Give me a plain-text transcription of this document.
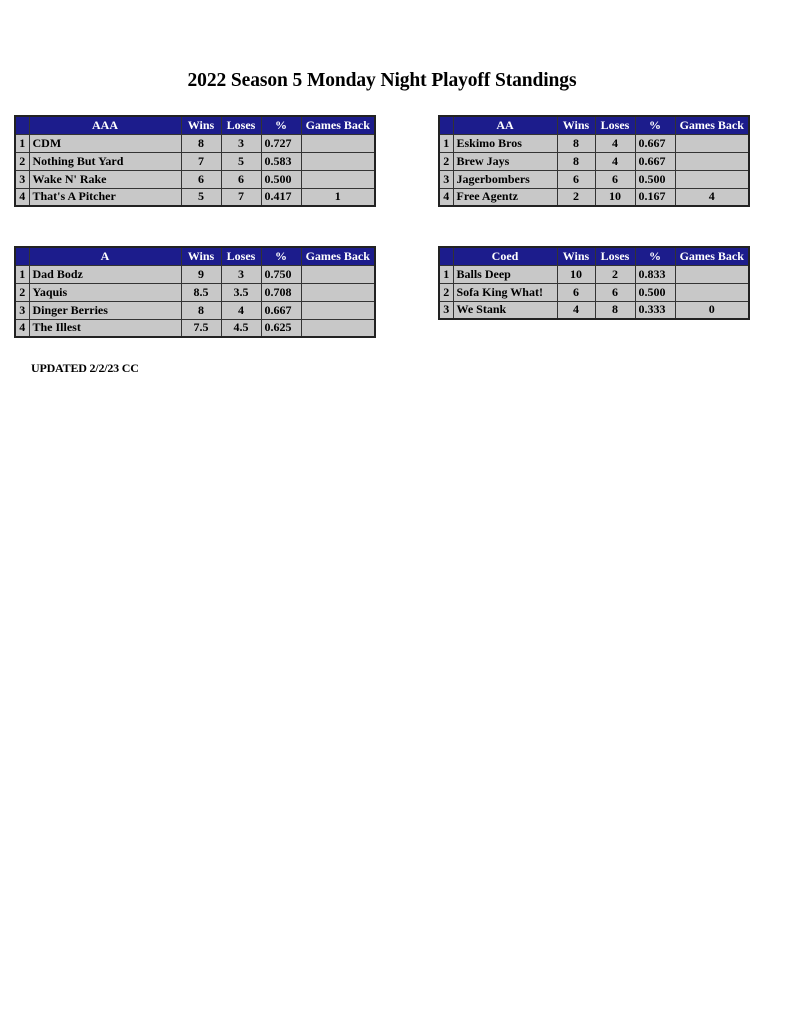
2022 Season 5 Monday Night Playoff Standings
	AAA	Wins	Loses	%	Games Back
1	CDM	8	3	0.727	
2	Nothing But Yard	7	5	0.583	
3	Wake N' Rake	6	6	0.500	
4	That's A Pitcher	5	7	0.417	1
	AA	Wins	Loses	%	Games Back
1	Eskimo Bros	8	4	0.667	
2	Brew Jays	8	4	0.667	
3	Jagerbombers	6	6	0.500	
4	Free Agentz	2	10	0.167	4
	A	Wins	Loses	%	Games Back
1	Dad Bodz	9	3	0.750	
2	Yaquis	8.5	3.5	0.708	
3	Dinger Berries	8	4	0.667	
4	The Illest	7.5	4.5	0.625	
	Coed	Wins	Loses	%	Games Back
1	Balls Deep	10	2	0.833	
2	Sofa King What!	6	6	0.500	
3	We Stank	4	8	0.333	0
UPDATED 2/2/23 CC
